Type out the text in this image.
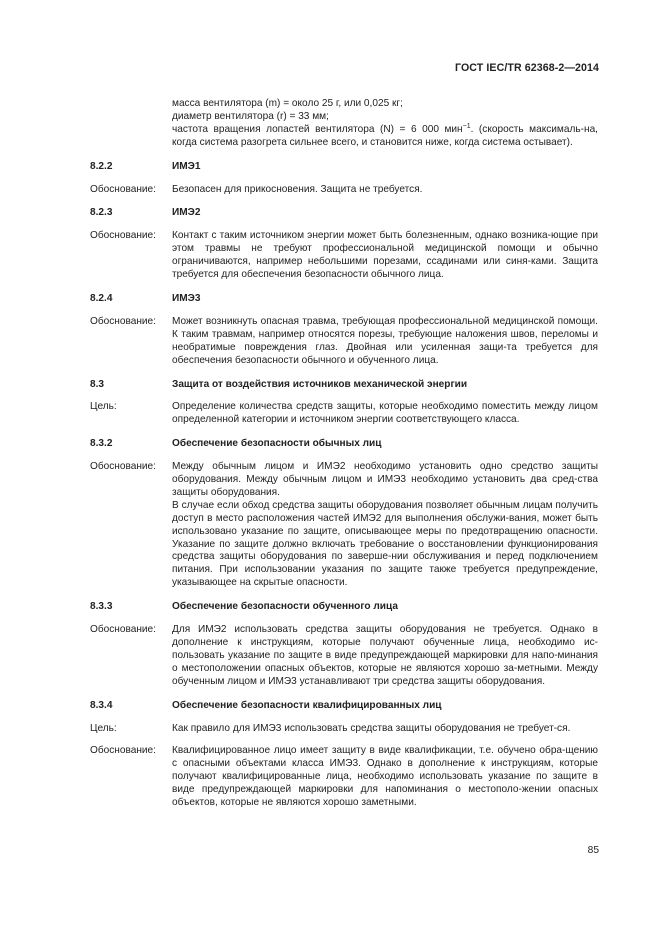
ГОСТ IEC/TR 62368-2—2014

масса вентилятора (m) = около 25 г, или 0,025 кг;

диаметр вентилятора (r) = 33 мм;

частота вращения лопастей вентилятора (N) = 6 000 мин$^{-1}$. (скорость максималь-на, когда система разогрета сильнее всего, и становится ниже, когда система остывает).

8.2.2	ИМЭ1
Обоснование:	Безопасен для прикосновения. Защита не требуется.
8.2.3	ИМЭ2
Обоснование:	Контакт с таким источником энергии может быть болезненным, однако возника-ющие при этом травмы не требуют профессиональной медицинской помощи и обычно ограничиваются, например небольшими порезами, ссадинами или синя-ками. Защита требуется для обеспечения безопасности обычного лица.
8.2.4	ИМЭ3
Обоснование:	Может возникнуть опасная травма, требующая профессиональной медицинской помощи. К таким травмам, например относятся порезы, требующие наложения швов, переломы и необратимые повреждения глаз. Двойная или усиленная защи-та требуется для обеспечения безопасности обычного и обученного лица.
8.3	Защита от воздействия источников механической энергии
Цель:	Определение количества средств защиты, которые необходимо поместить между лицом определенной категории и источником энергии соответствующего класса.
8.3.2	Обеспечение безопасности обычных лиц
Обоснование:	Между обычным лицом и ИМЭ2 необходимо установить одно средство защиты оборудования. Между обычным лицом и ИМЭ3 необходимо установить два сред-ства защиты оборудования.

В случае если обход средства защиты оборудования позволяет обычным лицам получить доступ в место расположения частей ИМЭ2 для выполнения обслужи-вания, может быть использовано указание по защите, описывающее меры по предотвращению опасности. Указание по защите должно включать требование о восстановлении функционирования средства защиты оборудования по заверше-нии обслуживания и перед подключением питания. При использовании указания по защите также требуется предупреждение, указывающее на скрытые опасности.

8.3.3	Обеспечение безопасности обученного лица
Обоснование:	Для ИМЭ2 использовать средства защиты оборудования не требуется. Однако в дополнение к инструкциям, которые получают обученные лица, необходимо ис-пользовать указание по защите в виде предупреждающей маркировки для напо-минания о местоположении опасных объектов, которые не являются хорошо за-метными. Между обученным лицом и ИМЭ3 устанавливают три средства защиты оборудования.
8.3.4	Обеспечение безопасности квалифицированных лиц
Цель:	Как правило для ИМЭ3 использовать средства защиты оборудования не требует-ся.
Обоснование:	Квалифицированное лицо имеет защиту в виде квалификации, т.е. обучено обра-щению с опасными объектами класса ИМЭ3. Однако в дополнение к инструкциям, которые получают квалифицированные лица, необходимо использовать указание по защите в виде предупреждающей маркировки для напоминания о местополо-жении опасных объектов, которые не являются хорошо заметными.
85
